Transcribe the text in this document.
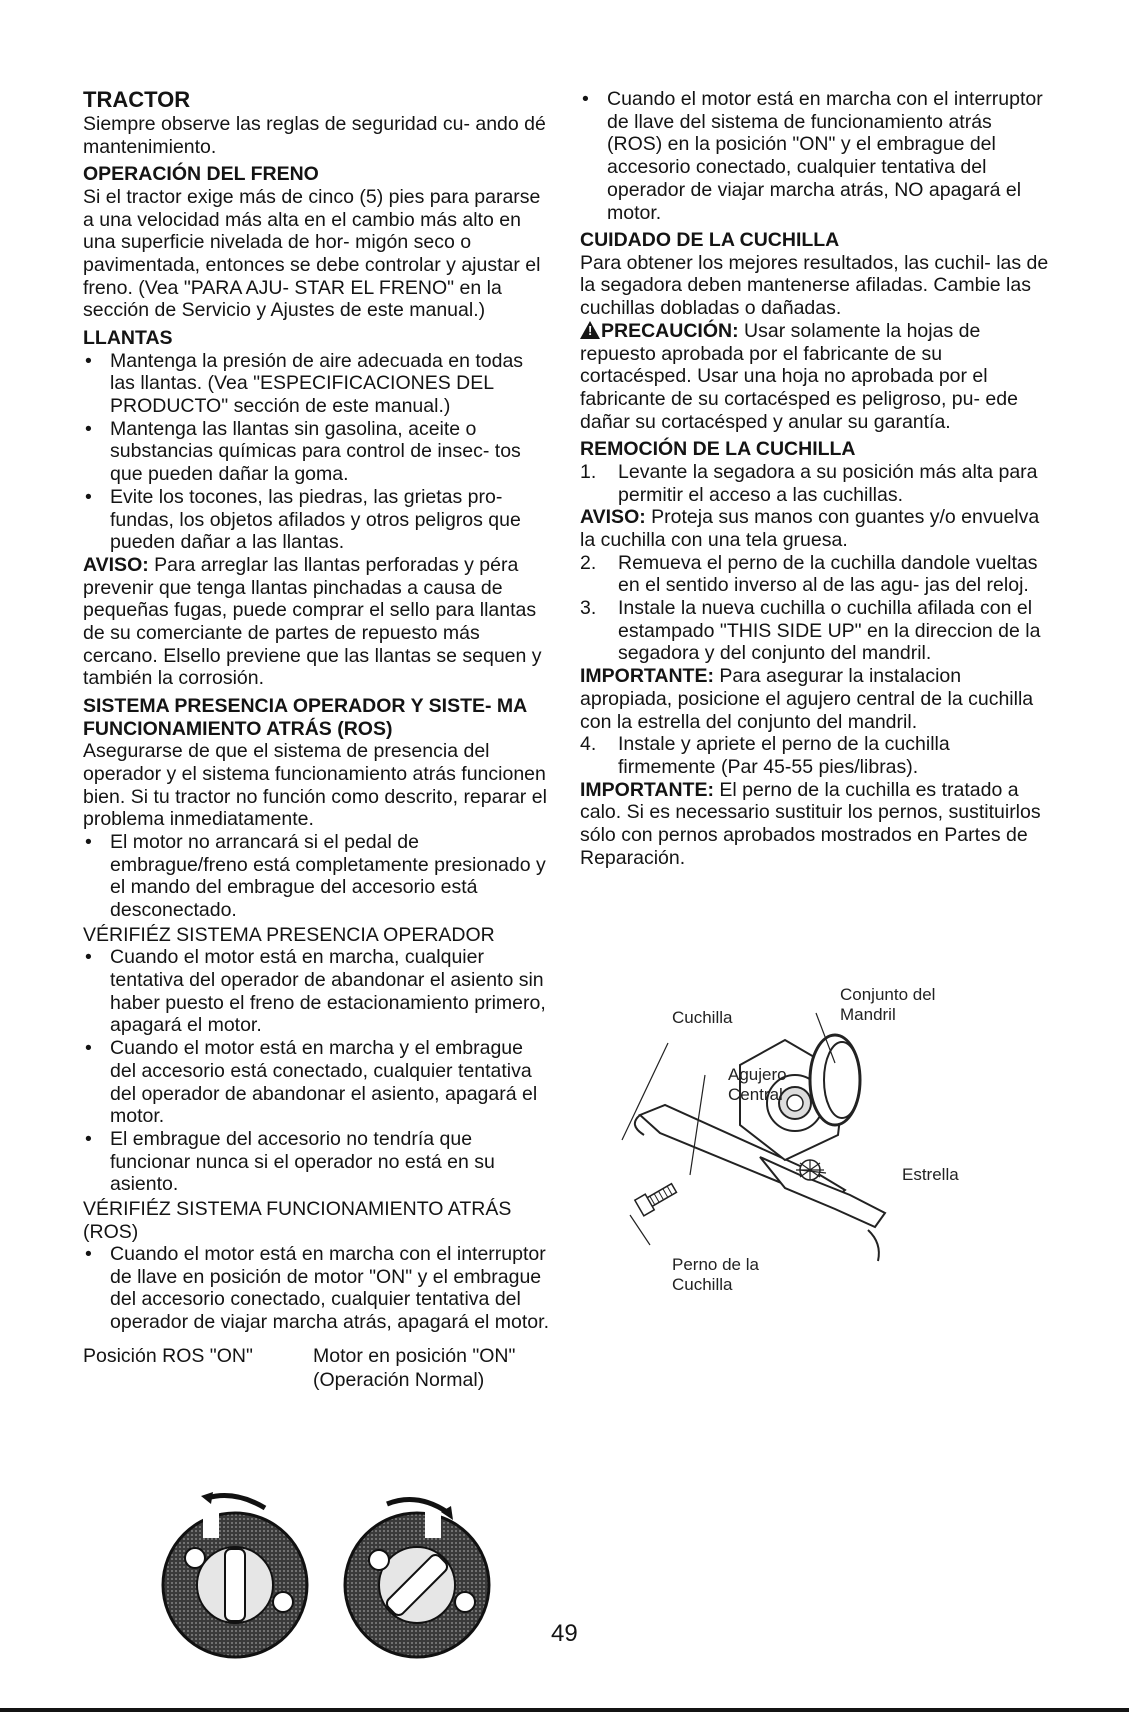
TRACTOR

Siempre observe las reglas de seguridad cu- ando dé mantenimiento.

OPERACIÓN DEL FRENO

Si el tractor exige más de cinco (5) pies para pararse a una velocidad más alta en el cambio más alto en una superficie nivelada de hor- migón seco o pavimentada, entonces se debe controlar y ajustar el freno. (Vea "PARA AJU- STAR EL FRENO" en la sección de Servicio y Ajustes de este manual.)

LLANTAS
• Mantenga la presión de aire adecuada en todas las llantas. (Vea "ESPECIFICACIONES DEL PRODUCTO" sección de este manual.)
• Mantenga las llantas sin gasolina, aceite o substancias químicas para control de insec- tos que pueden dañar la goma.
• Evite los tocones, las piedras, las grietas pro- fundas, los objetos afilados y otros peligros que pueden dañar a las llantas.

AVISO: Para arreglar las llantas perforadas y péra prevenir que tenga llantas pinchadas a causa de pequeñas fugas, puede comprar el sello para llantas de su comerciante de partes de repuesto más cercano. Elsello previene que las llantas se sequen y también la corrosión.

SISTEMA PRESENCIA OPERADOR Y SISTE- MA FUNCIONAMIENTO ATRÁS (ROS)

Asegurarse de que el sistema de presencia del operador y el sistema funcionamiento atrás funcionen bien. Si tu tractor no función como descrito, reparar el problema inmediatamente.

• El motor no arrancará si el pedal de embrague/freno está completamente presionado y el mando del embrague del accesorio está desconectado.
VÉRIFIÉZ SISTEMA PRESENCIA OPERADOR
• Cuando el motor está en marcha, cualquier tentativa del operador de abandonar el asiento sin haber puesto el freno de estacionamiento primero, apagará el motor.
• Cuando el motor está en marcha y el embrague del accesorio está conectado, cualquier tentativa del operador de abandonar el asiento, apagará el motor.
• El embrague del accesorio no tendría que funcionar nunca si el operador no está en su asiento.
VÉRIFIÉZ SISTEMA FUNCIONAMIENTO ATRÁS (ROS)
• Cuando el motor está en marcha con el interruptor de llave en posición de motor "ON" y el embrague del accesorio conectado, cualquier tentativa del operador de viajar marcha atrás, apagará el motor.
Posición ROS "ON"	Motor en posición "ON" (Operación Normal)
• Cuando el motor está en marcha con el interruptor de llave del sistema de funcionamiento atrás (ROS) en la posición "ON" y el embrague del accesorio conectado, cualquier tentativa del operador de viajar marcha atrás, NO apagará el motor.
CUIDADO DE LA CUCHILLA

Para obtener los mejores resultados, las cuchil- las de la segadora deben mantenerse afiladas. Cambie las cuchillas dobladas o dañadas.

! PRECAUCIÓN: Usar solamente la hojas de repuesto aprobada por el fabricante de su cortacésped. Usar una hoja no aprobada por el fabricante de su cortacésped es peligroso, pu- ede dañar su cortacésped y anular su garantía.

REMOCIÓN DE LA CUCHILLA
1. Levante la segadora a su posición más alta para permitir el acceso a las cuchillas.

AVISO: Proteja sus manos con guantes y/o envuelva la cuchilla con una tela gruesa.

2. Remueva el perno de la cuchilla dandole vueltas en el sentido inverso al de las agu- jas del reloj.
3. Instale la nueva cuchilla o cuchilla afilada con el estampado "THIS SIDE UP" en la direccion de la segadora y del conjunto del mandril.

IMPORTANTE: Para asegurar la instalacion apropiada, posicione el agujero central de la cuchilla con la estrella del conjunto del mandril.

4. Instale y apriete el perno de la cuchilla firmemente (Par 45-55 pies/libras).

IMPORTANTE: El perno de la cuchilla es tratado a calo. Si es necessario sustituir los pernos, sustituirlos sólo con pernos aprobados mostrados en Partes de Reparación.

Conjunto del
Mandril
Cuchilla
Agujero
Central
Estrella
Perno de la
Cuchilla
49
